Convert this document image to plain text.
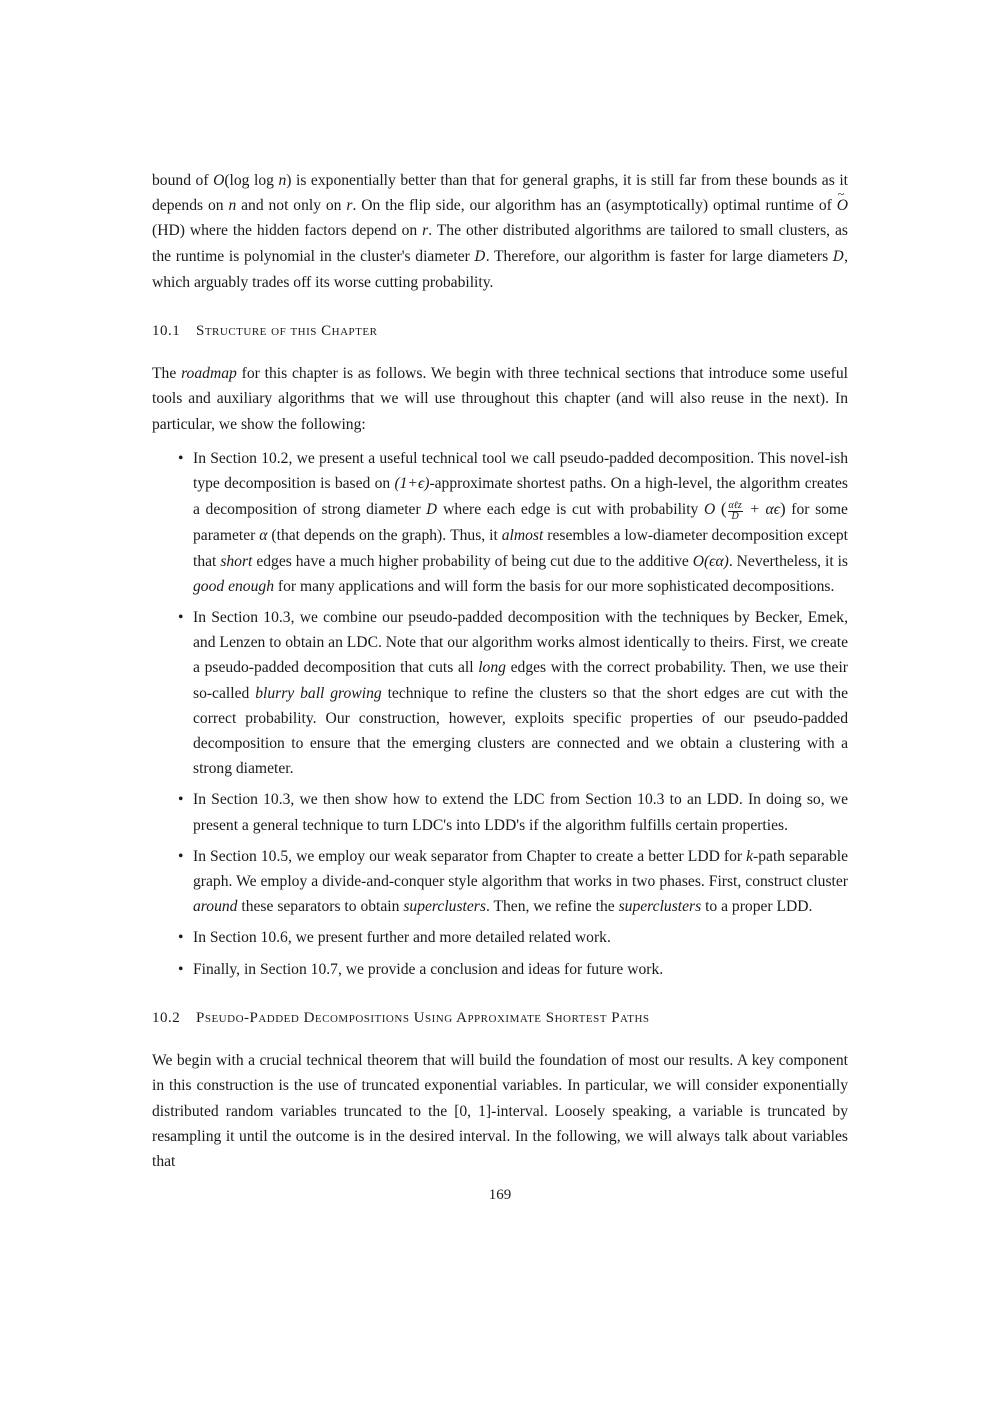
bound of O(log log n) is exponentially better than that for general graphs, it is still far from these bounds as it depends on n and not only on r. On the flip side, our algorithm has an (asymptotically) optimal runtime of ~ O(HD) where the hidden factors depend on r. The other distributed algorithms are tailored to small clusters, as the runtime is polynomial in the cluster's diameter D. Therefore, our algorithm is faster for large diameters D, which arguably trades off its worse cutting probability.

10.1 Structure of this Chapter

The roadmap for this chapter is as follows. We begin with three technical sections that introduce some useful tools and auxiliary algorithms that we will use throughout this chapter (and will also reuse in the next). In particular, we show the following:

• In Section 10.2, we present a useful technical tool we call pseudo-padded decomposition. This novel-ish type decomposition is based on (1+ϵ)-approximate shortest paths. On a high-level, the algorithm creates a decomposition of strong diameter D where each edge is cut with probability O ( $\frac{\text{αℓz}}{D} + \alpha\epsilon$) for some parameter α (that depends on the graph). Thus, it almost resembles a low-diameter decomposition except that short edges have a much higher probability of being cut due to the additive O(ϵα). Nevertheless, it is good enough for many applications and will form the basis for our more sophisticated decompositions.
• In Section 10.3, we combine our pseudo-padded decomposition with the techniques by Becker, Emek, and Lenzen to obtain an LDC. Note that our algorithm works almost identically to theirs. First, we create a pseudo-padded decomposition that cuts all long edges with the correct probability. Then, we use their so-called blurry ball growing technique to refine the clusters so that the short edges are cut with the correct probability. Our construction, however, exploits specific properties of our pseudo-padded decomposition to ensure that the emerging clusters are connected and we obtain a clustering with a strong diameter.
• In Section 10.3, we then show how to extend the LDC from Section 10.3 to an LDD. In doing so, we present a general technique to turn LDC's into LDD's if the algorithm fulfills certain properties.
• In Section 10.5, we employ our weak separator from Chapter to create a better LDD for k-path separable graph. We employ a divide-and-conquer style algorithm that works in two phases. First, construct cluster around these separators to obtain superclusters. Then, we refine the superclusters to a proper LDD.
• In Section 10.6, we present further and more detailed related work.
• Finally, in Section 10.7, we provide a conclusion and ideas for future work.
10.2 Pseudo-Padded Decompositions Using Approximate Shortest Paths

We begin with a crucial technical theorem that will build the foundation of most our results. A key component in this construction is the use of truncated exponential variables. In particular, we will consider exponentially distributed random variables truncated to the [0, 1]-interval. Loosely speaking, a variable is truncated by resampling it until the outcome is in the desired interval. In the following, we will always talk about variables that

169
